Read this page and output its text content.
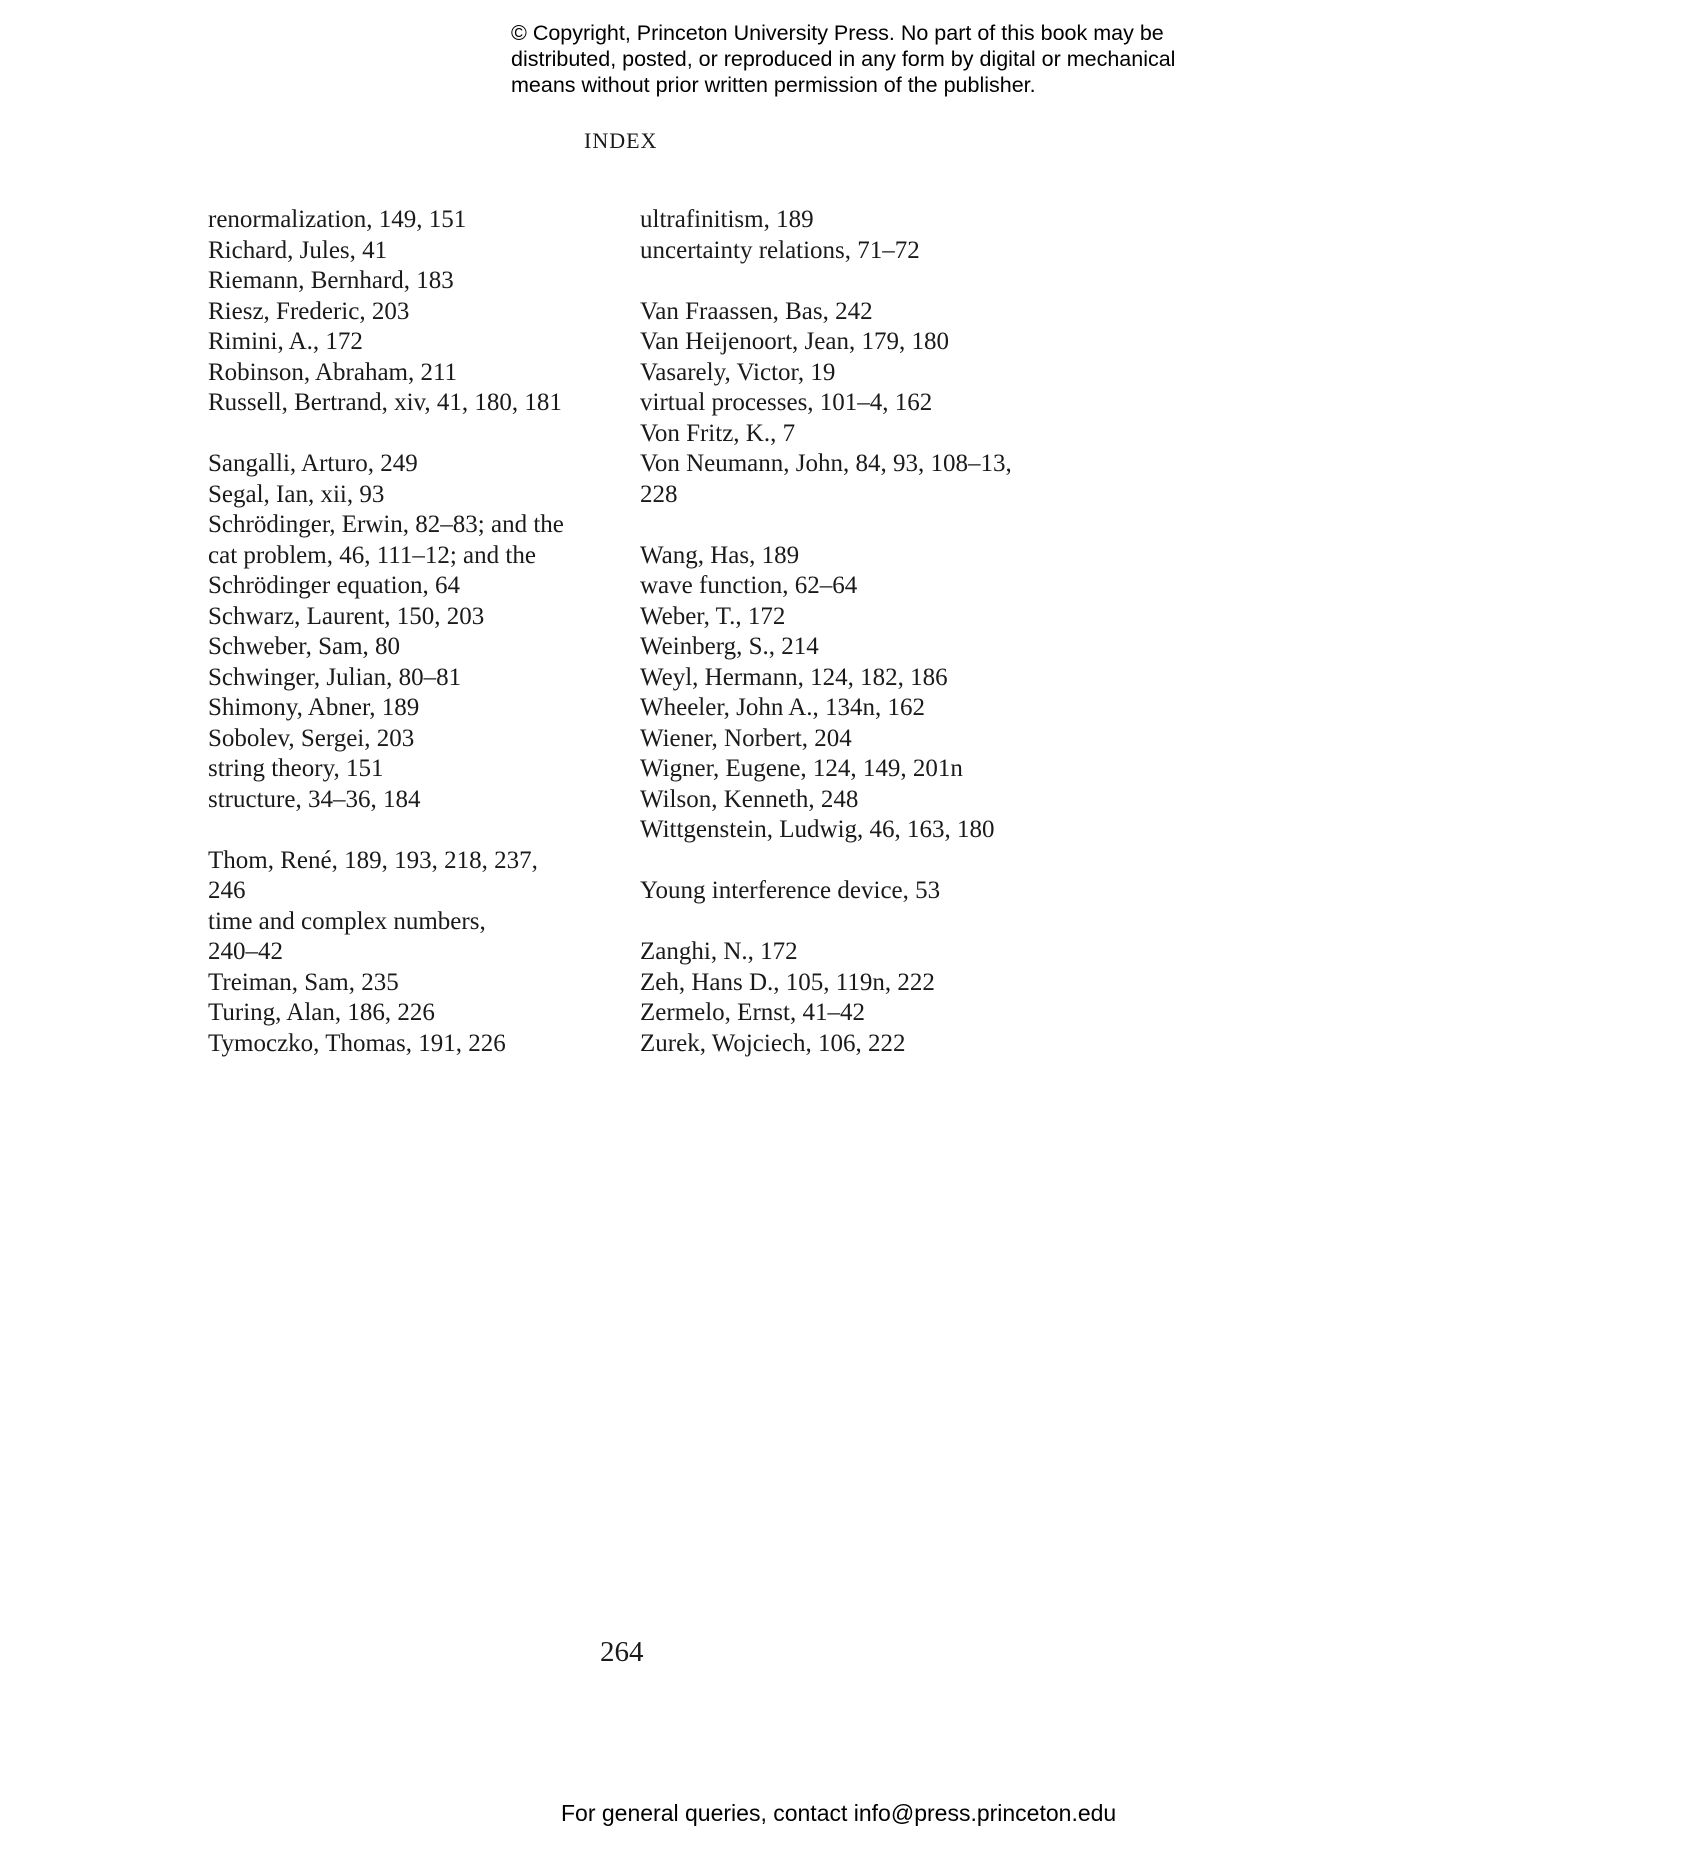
© Copyright, Princeton University Press. No part of this book may be
distributed, posted, or reproduced in any form by digital or mechanical
means without prior written permission of the publisher.
INDEX
renormalization, 149, 151
Richard, Jules, 41
Riemann, Bernhard, 183
Riesz, Frederic, 203
Rimini, A., 172
Robinson, Abraham, 211
Russell, Bertrand, xiv, 41, 180, 181
Sangalli, Arturo, 249
Segal, Ian, xii, 93
Schrödinger, Erwin, 82–83; and the
cat problem, 46, 111–12; and the
Schrödinger equation, 64
Schwarz, Laurent, 150, 203
Schweber, Sam, 80
Schwinger, Julian, 80–81
Shimony, Abner, 189
Sobolev, Sergei, 203
string theory, 151
structure, 34–36, 184
Thom, René, 189, 193, 218, 237,
246
time and complex numbers,
240–42
Treiman, Sam, 235
Turing, Alan, 186, 226
Tymoczko, Thomas, 191, 226
ultrafinitism, 189
uncertainty relations, 71–72
Van Fraassen, Bas, 242
Van Heijenoort, Jean, 179, 180
Vasarely, Victor, 19
virtual processes, 101–4, 162
Von Fritz, K., 7
Von Neumann, John, 84, 93, 108–13,
228
Wang, Has, 189
wave function, 62–64
Weber, T., 172
Weinberg, S., 214
Weyl, Hermann, 124, 182, 186
Wheeler, John A., 134n, 162
Wiener, Norbert, 204
Wigner, Eugene, 124, 149, 201n
Wilson, Kenneth, 248
Wittgenstein, Ludwig, 46, 163, 180
Young interference device, 53
Zanghi, N., 172
Zeh, Hans D., 105, 119n, 222
Zermelo, Ernst, 41–42
Zurek, Wojciech, 106, 222
264
For general queries, contact info@press.princeton.edu
